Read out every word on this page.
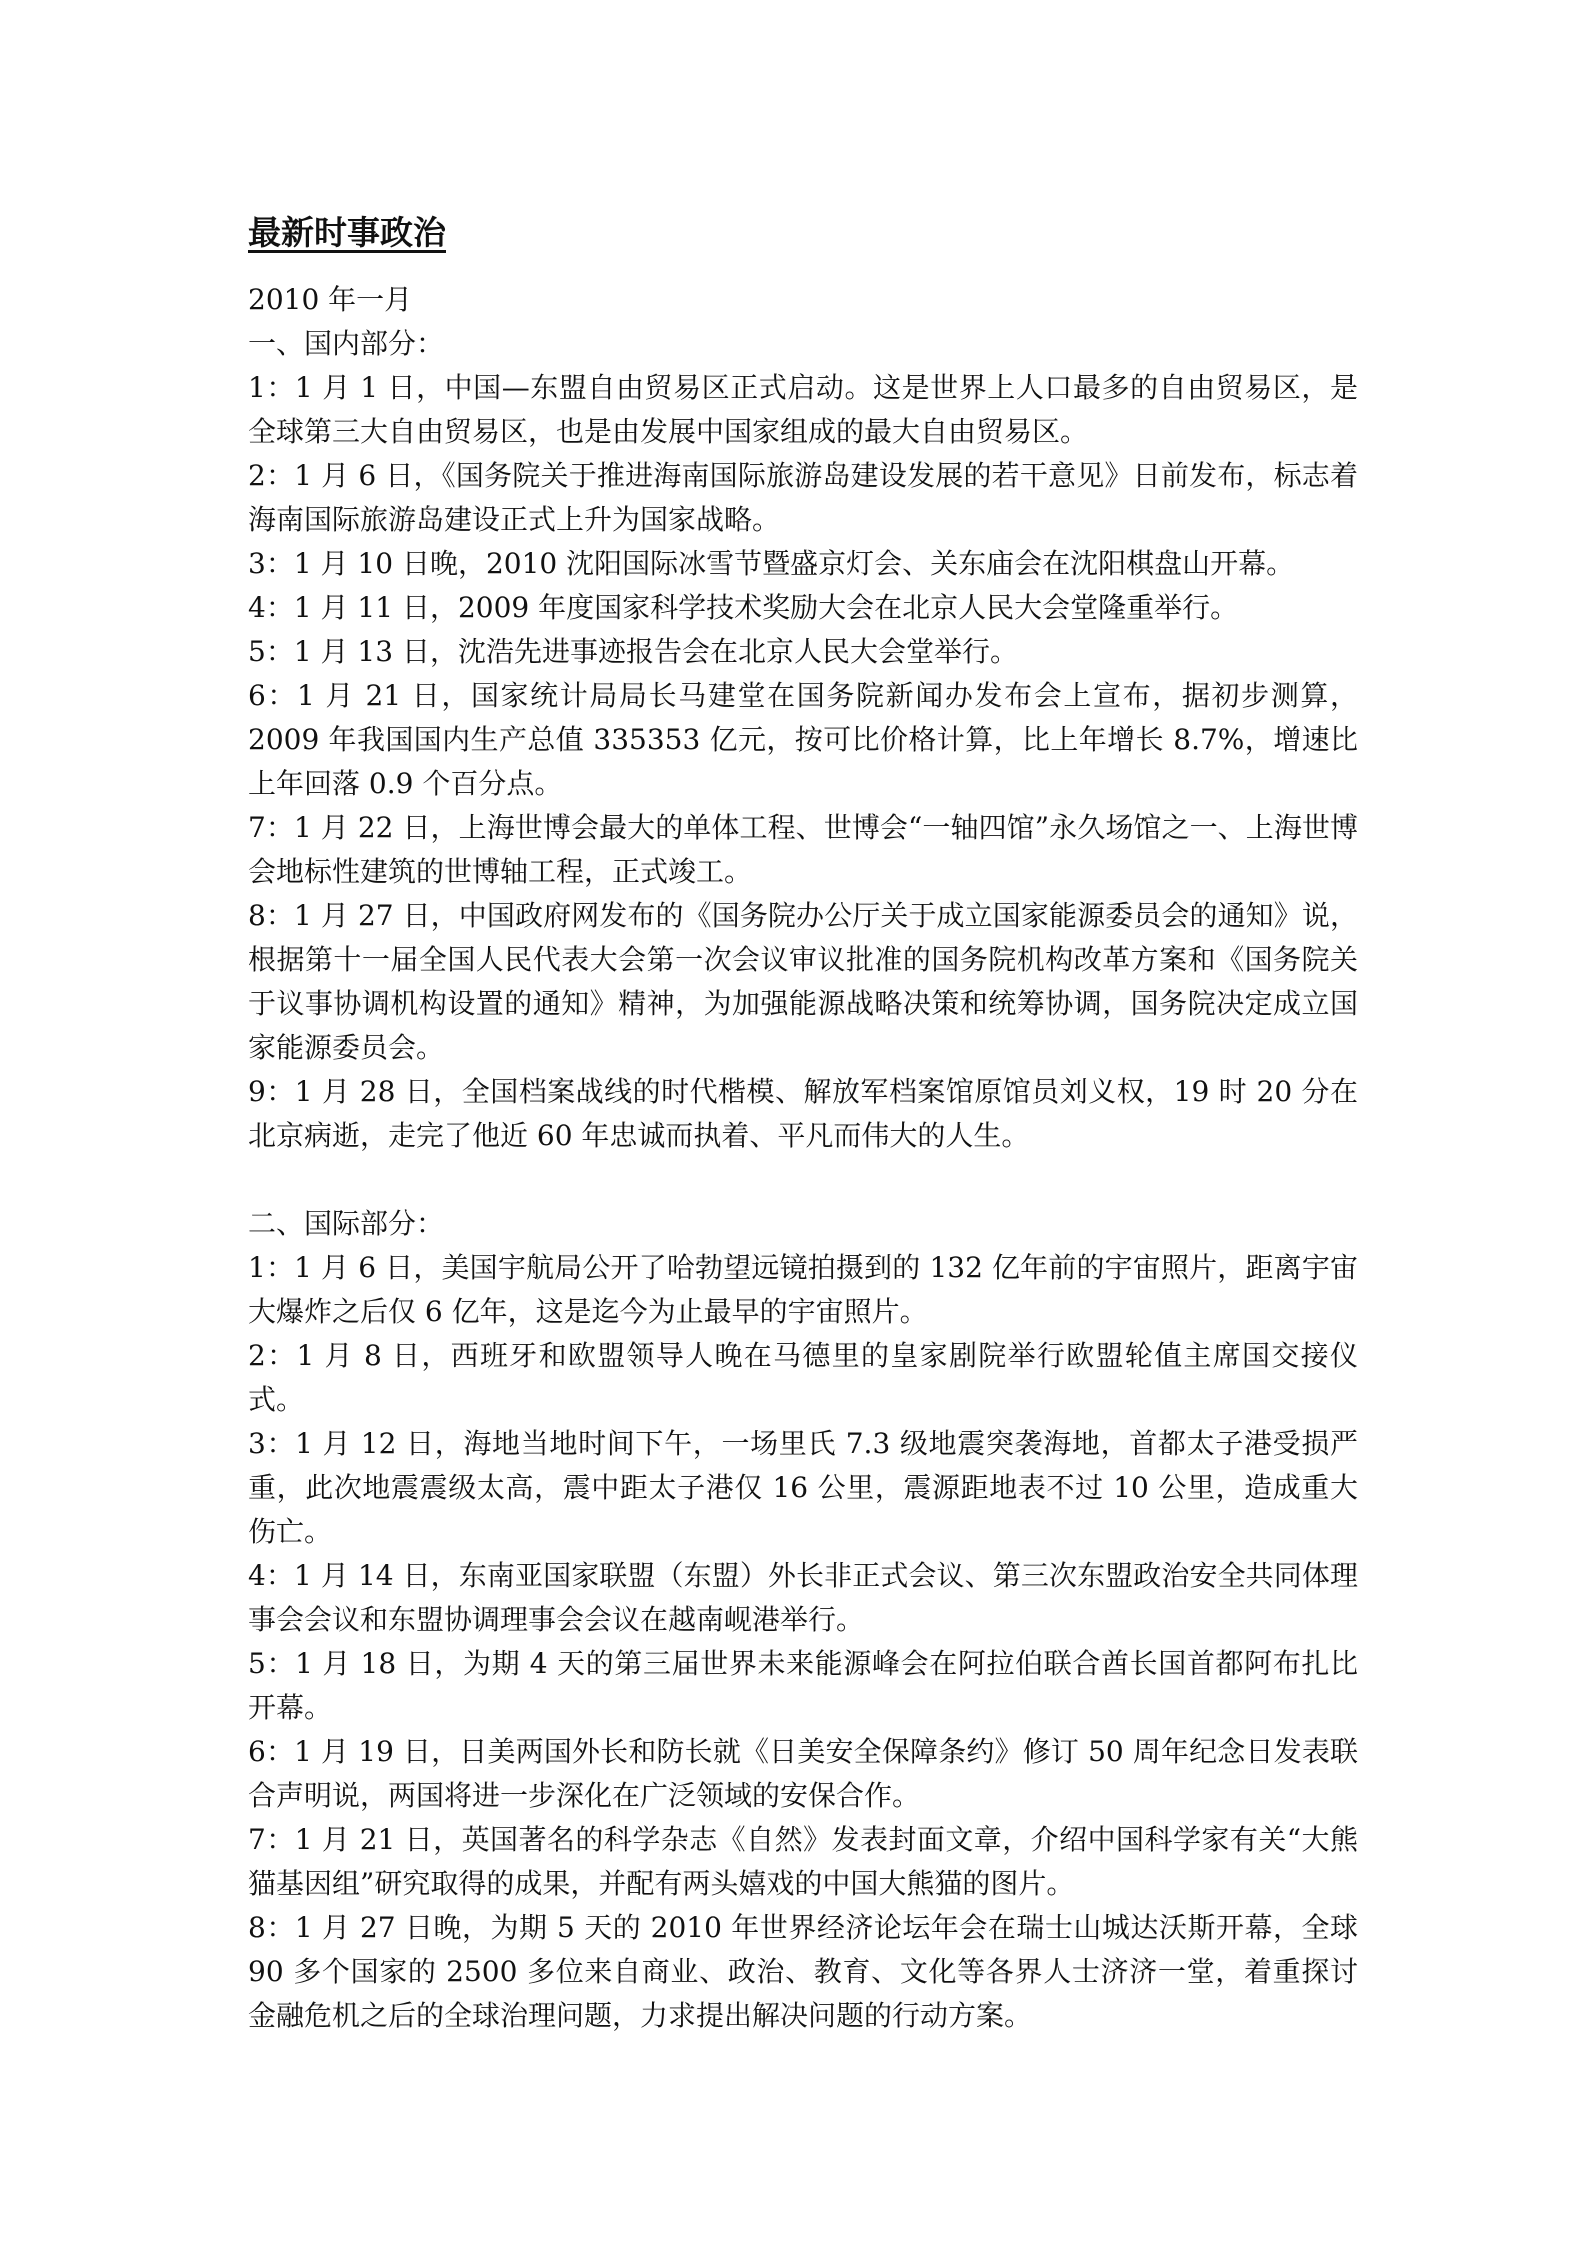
最新时事政治
2010 年一月
一、国内部分：
1：1 月 1 日，中国—东盟自由贸易区正式启动。这是世界上人口最多的自由贸易区，是全球第三大自由贸易区，也是由发展中国家组成的最大自由贸易区。
2：1 月 6 日，《国务院关于推进海南国际旅游岛建设发展的若干意见》日前发布，标志着海南国际旅游岛建设正式上升为国家战略。
3：1 月 10 日晚，2010 沈阳国际冰雪节暨盛京灯会、关东庙会在沈阳棋盘山开幕。
4：1 月 11 日，2009 年度国家科学技术奖励大会在北京人民大会堂隆重举行。
5：1 月 13 日，沈浩先进事迹报告会在北京人民大会堂举行。
6：1 月 21 日，国家统计局局长马建堂在国务院新闻办发布会上宣布，据初步测算，2009 年我国国内生产总值 335353 亿元，按可比价格计算，比上年增长 8.7%，增速比上年回落 0.9 个百分点。
7：1 月 22 日，上海世博会最大的单体工程、世博会“一轴四馆”永久场馆之一、上海世博会地标性建筑的世博轴工程，正式竣工。
8：1 月 27 日，中国政府网发布的《国务院办公厅关于成立国家能源委员会的通知》说，根据第十一届全国人民代表大会第一次会议审议批准的国务院机构改革方案和《国务院关于议事协调机构设置的通知》精神，为加强能源战略决策和统筹协调，国务院决定成立国家能源委员会。
9：1 月 28 日，全国档案战线的时代楷模、解放军档案馆原馆员刘义权，19 时 20 分在北京病逝，走完了他近 60 年忠诚而执着、平凡而伟大的人生。
二、国际部分：
1：1 月 6 日，美国宇航局公开了哈勃望远镜拍摄到的 132 亿年前的宇宙照片，距离宇宙大爆炸之后仅 6 亿年，这是迄今为止最早的宇宙照片。
2：1 月 8 日，西班牙和欧盟领导人晚在马德里的皇家剧院举行欧盟轮值主席国交接仪式。
3：1 月 12 日，海地当地时间下午，一场里氏 7.3 级地震突袭海地，首都太子港受损严重，此次地震震级太高，震中距太子港仅 16 公里，震源距地表不过 10 公里，造成重大伤亡。
4：1 月 14 日，东南亚国家联盟（东盟）外长非正式会议、第三次东盟政治安全共同体理事会会议和东盟协调理事会会议在越南岘港举行。
5：1 月 18 日，为期 4 天的第三届世界未来能源峰会在阿拉伯联合酋长国首都阿布扎比开幕。
6：1 月 19 日，日美两国外长和防长就《日美安全保障条约》修订 50 周年纪念日发表联合声明说，两国将进一步深化在广泛领域的安保合作。
7：1 月 21 日，英国著名的科学杂志《自然》发表封面文章，介绍中国科学家有关“大熊猫基因组”研究取得的成果，并配有两头嬉戏的中国大熊猫的图片。
8：1 月 27 日晚，为期 5 天的 2010 年世界经济论坛年会在瑞士山城达沃斯开幕，全球 90 多个国家的 2500 多位来自商业、政治、教育、文化等各界人士济济一堂，着重探讨金融危机之后的全球治理问题，力求提出解决问题的行动方案。
